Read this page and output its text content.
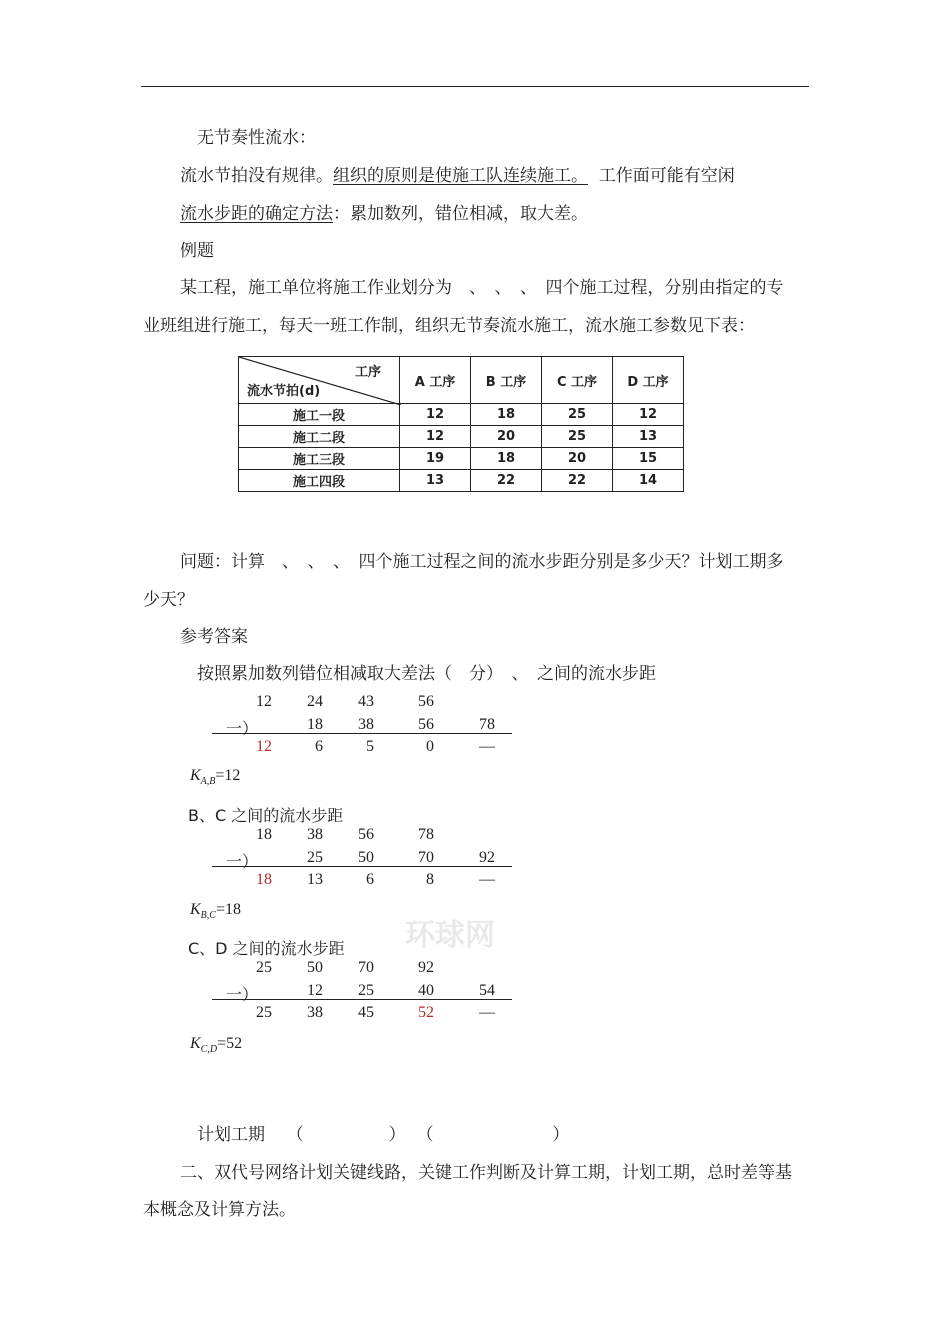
环球网
无节奏性流水：
流水节拍没有规律。组织的原则是使施工队连续施工。 工作面可能有空闲
流水步距的确定方法：累加数列，错位相减，取大差。
例题
某工程，施工单位将施工作业划分为　、　、　、　四个施工过程，分别由指定的专
业班组进行施工，每天一班工作制，组织无节奏流水施工，流水施工参数见下表：
工序
流水节拍(d)	A 工序	B 工序	C 工序	D 工序
施工一段	12	18	25	12
施工二段	12	20	25	13
施工三段	19	18	20	15
施工四段	13	22	22	14
问题：计算　、　、　、　四个施工过程之间的流水步距分别是多少天？计划工期多
少天？
参考答案
按照累加数列错位相减取大差法（　分）　、　之间的流水步距
12 24 43	56
一）	18 38	56	78
12	6	5	0	—
$K_{A,B}=12$
B、C 之间的流水步距
18 38 56	78
一）	25 50	70	92
18 13	6	8	—
$K_{B,C}=18$
C、D 之间的流水步距
25 50 70	92
一）	12 25	40	54
25 38 45	52	—
$K_{C,D}=52$
计划工期 （　　　　　） （　　　　　　　）
二、双代号网络计划关键线路，关键工作判断及计算工期，计划工期，总时差等基
本概念及计算方法。
